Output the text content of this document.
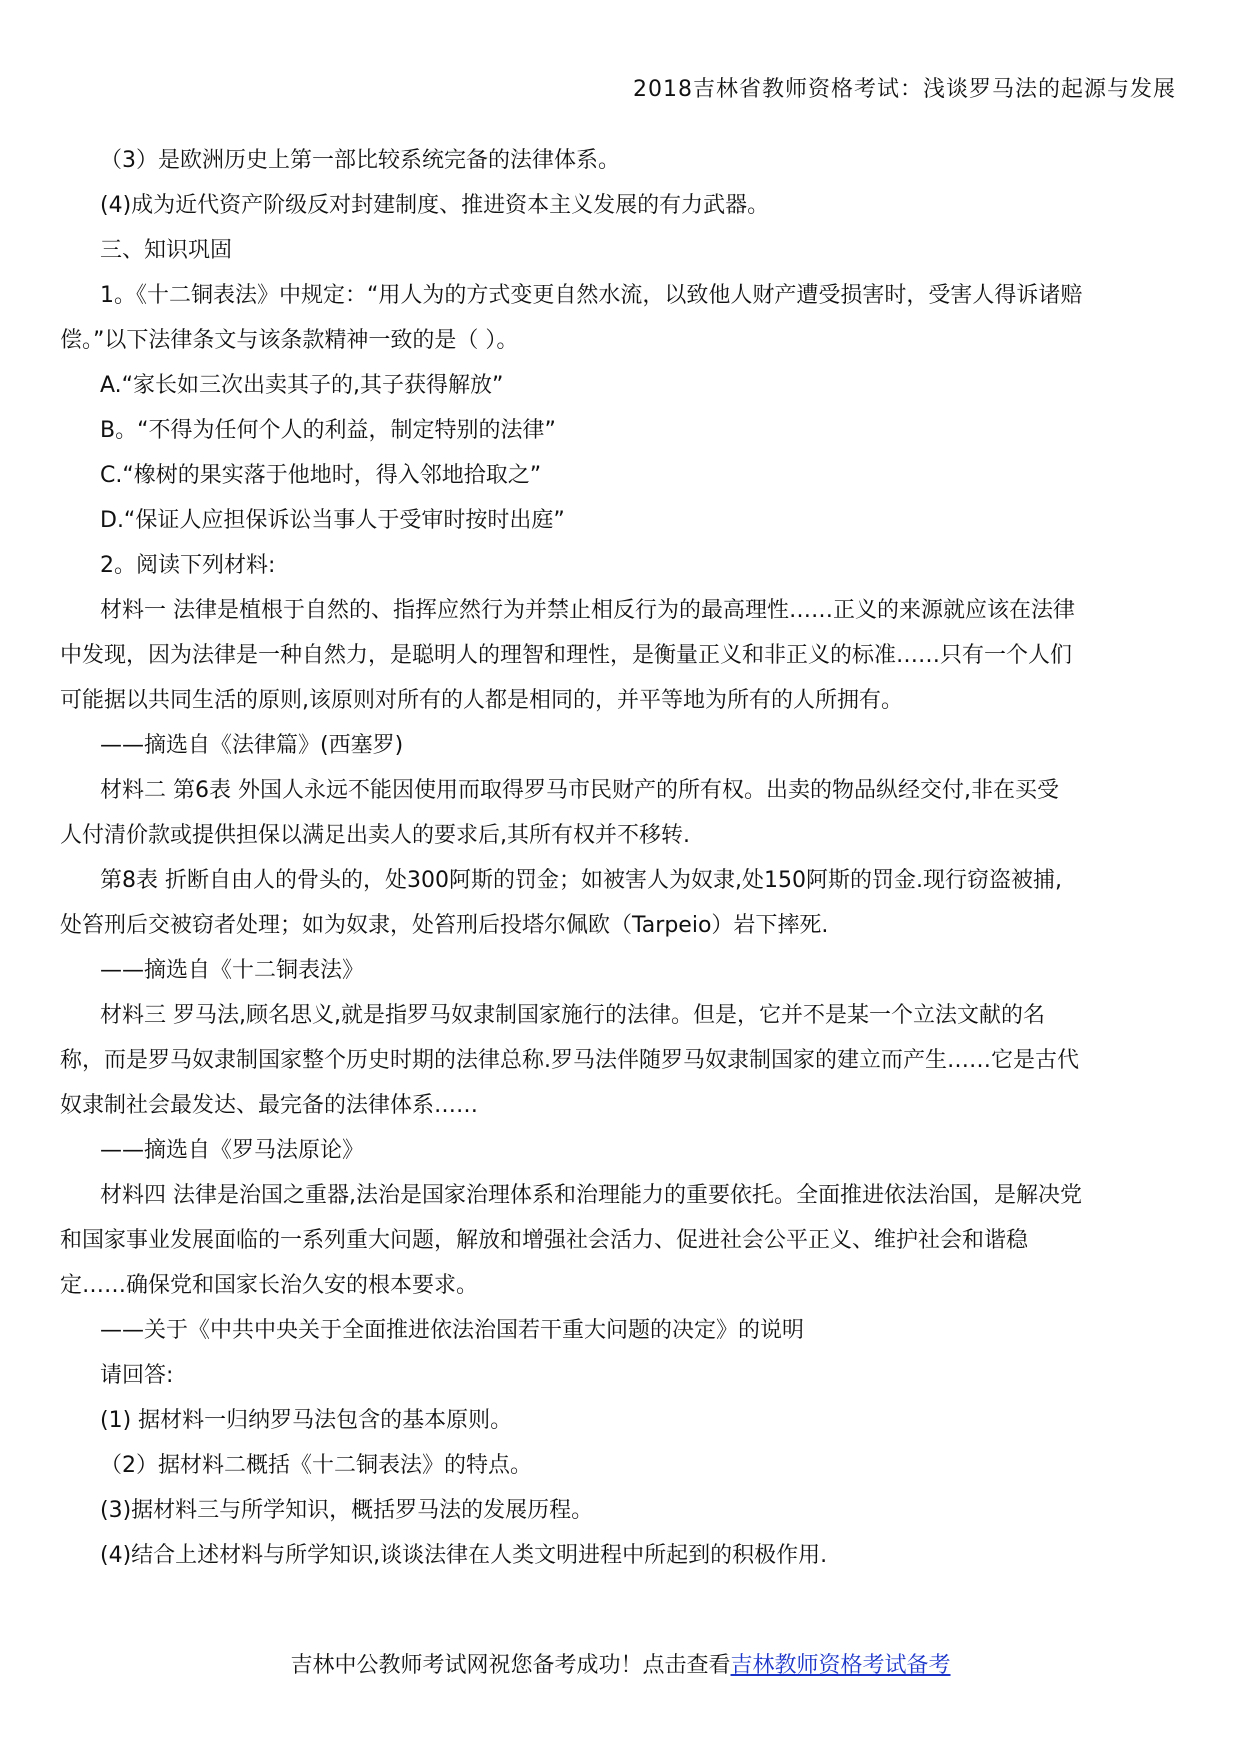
2018吉林省教师资格考试：浅谈罗马法的起源与发展
（3）是欧洲历史上第一部比较系统完备的法律体系。
(4)成为近代资产阶级反对封建制度、推进资本主义发展的有力武器。
三、知识巩固
1。《十二铜表法》中规定：“用人为的方式变更自然水流，以致他人财产遭受损害时，受害人得诉诸赔
偿。”以下法律条文与该条款精神一致的是（ ）。
A.“家长如三次出卖其子的,其子获得解放”
B。“不得为任何个人的利益，制定特别的法律”
C.“橡树的果实落于他地时，得入邻地拾取之”
D.“保证人应担保诉讼当事人于受审时按时出庭”
2。阅读下列材料:
材料一 法律是植根于自然的、指挥应然行为并禁止相反行为的最高理性……正义的来源就应该在法律
中发现，因为法律是一种自然力，是聪明人的理智和理性，是衡量正义和非正义的标准……只有一个人们
可能据以共同生活的原则,该原则对所有的人都是相同的，并平等地为所有的人所拥有。
——摘选自《法律篇》(西塞罗)
材料二 第6表 外国人永远不能因使用而取得罗马市民财产的所有权。出卖的物品纵经交付,非在买受
人付清价款或提供担保以满足出卖人的要求后,其所有权并不移转.
第8表 折断自由人的骨头的，处300阿斯的罚金；如被害人为奴隶,处150阿斯的罚金.现行窃盗被捕,
处笞刑后交被窃者处理；如为奴隶，处笞刑后投塔尔佩欧（Tarpeio）岩下摔死.
——摘选自《十二铜表法》
材料三 罗马法,顾名思义,就是指罗马奴隶制国家施行的法律。但是，它并不是某一个立法文献的名
称，而是罗马奴隶制国家整个历史时期的法律总称.罗马法伴随罗马奴隶制国家的建立而产生……它是古代
奴隶制社会最发达、最完备的法律体系……
——摘选自《罗马法原论》
材料四 法律是治国之重器,法治是国家治理体系和治理能力的重要依托。全面推进依法治国，是解决党
和国家事业发展面临的一系列重大问题，解放和增强社会活力、促进社会公平正义、维护社会和谐稳
定……确保党和国家长治久安的根本要求。
——关于《中共中央关于全面推进依法治国若干重大问题的决定》的说明
请回答:
(1) 据材料一归纳罗马法包含的基本原则。
（2）据材料二概括《十二铜表法》的特点。
(3)据材料三与所学知识，概括罗马法的发展历程。
(4)结合上述材料与所学知识,谈谈法律在人类文明进程中所起到的积极作用.
吉林中公教师考试网祝您备考成功！点击查看吉林教师资格考试备考
